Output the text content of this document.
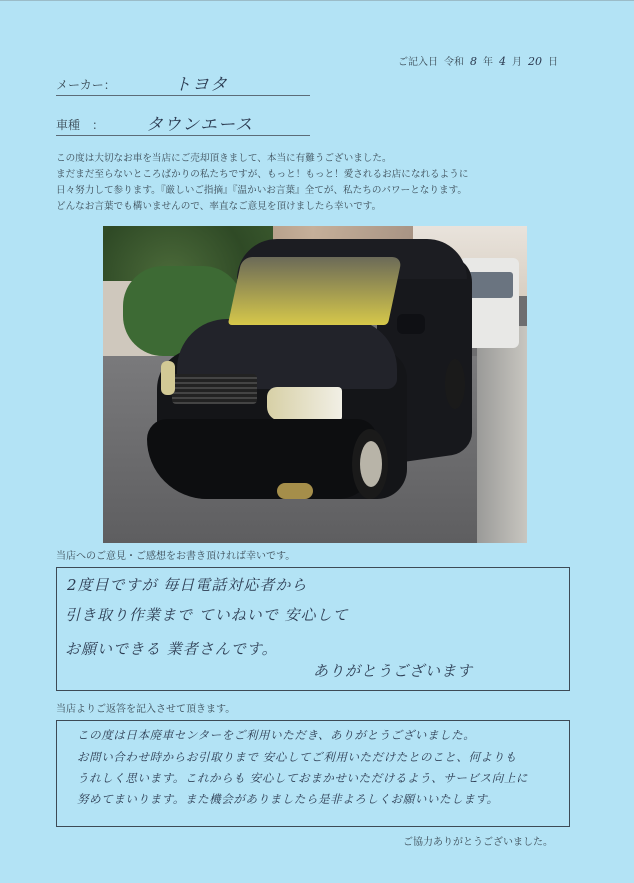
ご記入日 令和 8 年 4 月 20 日
メーカー：	トヨタ
車種　：	タウンエース
この度は大切なお車を当店にご売却頂きまして、本当に有難うございました。
まだまだ至らないところばかりの私たちですが、もっと！もっと！愛されるお店になれるように
日々努力して参ります。『厳しいご指摘』『温かいお言葉』全てが、私たちのパワーとなります。
どんなお言葉でも構いませんので、率直なご意見を頂けましたら幸いです。
当店へのご意見・ご感想をお書き頂ければ幸いです。
2度目ですが 毎日電話対応者から
引き取り作業まで ていねいで 安心して
お願いできる 業者さんです。
ありがとうございます
当店よりご返答を記入させて頂きます。
この度は日本廃車センターをご利用いただき、ありがとうございました。
お問い合わせ時からお引取りまで 安心してご利用いただけたとのこと、何よりも
うれしく思います。これからも 安心しておまかせいただけるよう、サービス向上に
努めてまいります。また機会がありましたら是非よろしくお願いいたします。
ご協力ありがとうございました。
